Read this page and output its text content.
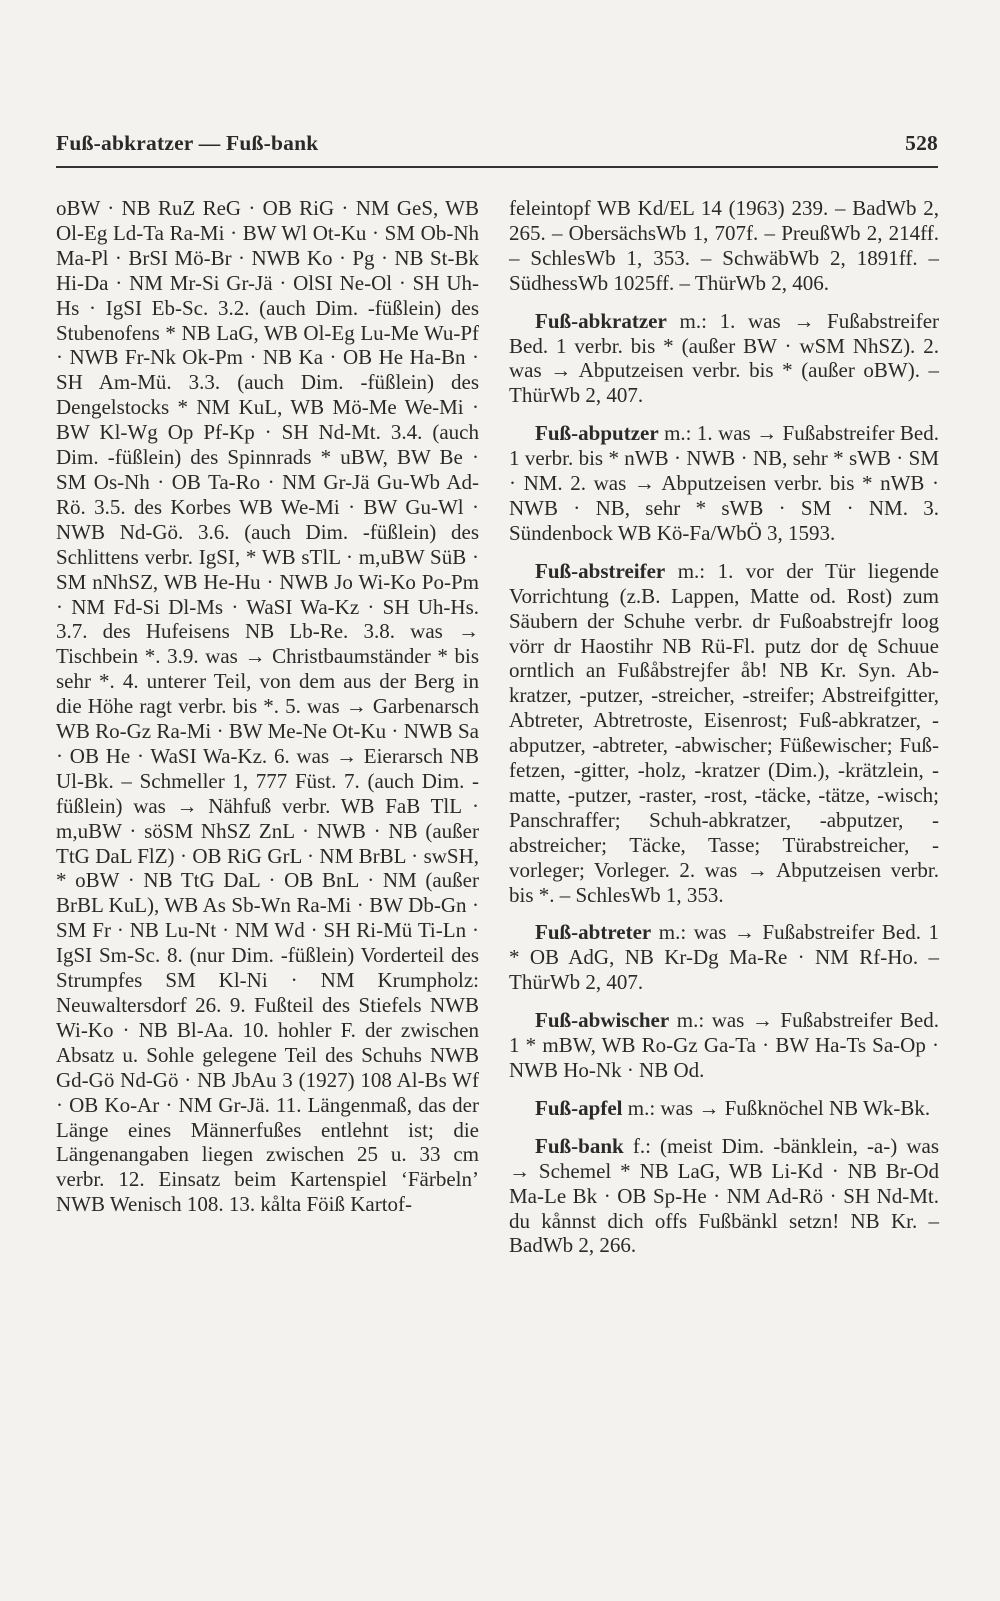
Fuß-abkratzer — Fuß-bank	528

oBW · NB RuZ ReG · OB RiG · NM GeS, WB Ol-Eg Ld-Ta Ra-Mi · BW Wl Ot-Ku · SM Ob-Nh Ma-Pl · BrSI Mö-Br · NWB Ko · Pg · NB St-Bk Hi-Da · NM Mr-Si Gr-Jä · OlSI Ne-Ol · SH Uh-Hs · IgSI Eb-Sc. 3.2. (auch Dim. -füßlein) des Stubenofens * NB LaG, WB Ol-Eg Lu-Me Wu-Pf · NWB Fr-Nk Ok-Pm · NB Ka · OB He Ha-Bn · SH Am-Mü. 3.3. (auch Dim. -füßlein) des Dengelstocks * NM KuL, WB Mö-Me We-Mi · BW Kl-Wg Op Pf-Kp · SH Nd-Mt. 3.4. (auch Dim. -füßlein) des Spinnrads * uBW, BW Be · SM Os-Nh · OB Ta-Ro · NM Gr-Jä Gu-Wb Ad-Rö. 3.5. des Korbes WB We-Mi · BW Gu-Wl · NWB Nd-Gö. 3.6. (auch Dim. -füßlein) des Schlittens verbr. IgSI, * WB sTlL · m,uBW SüB · SM nNhSZ, WB He-Hu · NWB Jo Wi-Ko Po-Pm · NM Fd-Si Dl-Ms · WaSI Wa-Kz · SH Uh-Hs. 3.7. des Hufeisens NB Lb-Re. 3.8. was → Tischbein *. 3.9. was → Christbaumständer * bis sehr *. 4. unterer Teil, von dem aus der Berg in die Höhe ragt verbr. bis *. 5. was → Garbenarsch WB Ro-Gz Ra-Mi · BW Me-Ne Ot-Ku · NWB Sa · OB He · WaSI Wa-Kz. 6. was → Eierarsch NB Ul-Bk. – Schmeller 1, 777 Füst. 7. (auch Dim. -füßlein) was → Nähfuß verbr. WB FaB TlL · m,uBW · söSM NhSZ ZnL · NWB · NB (außer TtG DaL FlZ) · OB RiG GrL · NM BrBL · swSH, * oBW · NB TtG DaL · OB BnL · NM (außer BrBL KuL), WB As Sb-Wn Ra-Mi · BW Db-Gn · SM Fr · NB Lu-Nt · NM Wd · SH Ri-Mü Ti-Ln · IgSI Sm-Sc. 8. (nur Dim. -füßlein) Vorderteil des Strumpfes SM Kl-Ni · NM Krumpholz: Neuwaltersdorf 26. 9. Fußteil des Stiefels NWB Wi-Ko · NB Bl-Aa. 10. hohler F. der zwischen Absatz u. Sohle gelegene Teil des Schuhs NWB Gd-Gö Nd-Gö · NB JbAu 3 (1927) 108 Al-Bs Wf · OB Ko-Ar · NM Gr-Jä. 11. Längenmaß, das der Länge eines Männerfußes entlehnt ist; die Längenangaben liegen zwischen 25 u. 33 cm verbr. 12. Einsatz beim Kartenspiel ‘Färbeln’ NWB Wenisch 108. 13. kålta Föiß Kartof-

feleintopf WB Kd/EL 14 (1963) 239. – BadWb 2, 265. – ObersächsWb 1, 707f. – PreußWb 2, 214ff. – SchlesWb 1, 353. – SchwäbWb 2, 1891ff. – SüdhessWb 1025ff. – ThürWb 2, 406.

Fuß-abkratzer m.: 1. was → Fußabstreifer Bed. 1 verbr. bis * (außer BW · wSM NhSZ). 2. was → Abputzeisen verbr. bis * (außer oBW). – ThürWb 2, 407.

Fuß-abputzer m.: 1. was → Fußabstreifer Bed. 1 verbr. bis * nWB · NWB · NB, sehr * sWB · SM · NM. 2. was → Abputzeisen verbr. bis * nWB · NWB · NB, sehr * sWB · SM · NM. 3. Sündenbock WB Kö-Fa/WbÖ 3, 1593.

Fuß-abstreifer m.: 1. vor der Tür liegende Vorrichtung (z.B. Lappen, Matte od. Rost) zum Säubern der Schuhe verbr. dr Fußoabstrejfr loog vörr dr Haostihr NB Rü-Fl. putz dor dę Schuue orntlich an Fußåbstrejfer åb! NB Kr. Syn. Ab-kratzer, -putzer, -streicher, -streifer; Abstreifgitter, Abtreter, Abtretroste, Eisenrost; Fuß-abkratzer, -abputzer, -abtreter, -abwischer; Füßewischer; Fuß-fetzen, -gitter, -holz, -kratzer (Dim.), -krätzlein, -matte, -putzer, -raster, -rost, -täcke, -tätze, -wisch; Panschraffer; Schuh-abkratzer, -abputzer, -abstreicher; Täcke, Tasse; Türabstreicher, -vorleger; Vorleger. 2. was → Abputzeisen verbr. bis *. – SchlesWb 1, 353.

Fuß-abtreter m.: was → Fußabstreifer Bed. 1 * OB AdG, NB Kr-Dg Ma-Re · NM Rf-Ho. – ThürWb 2, 407.

Fuß-abwischer m.: was → Fußabstreifer Bed. 1 * mBW, WB Ro-Gz Ga-Ta · BW Ha-Ts Sa-Op · NWB Ho-Nk · NB Od.

Fuß-apfel m.: was → Fußknöchel NB Wk-Bk.

Fuß-bank f.: (meist Dim. -bänklein, -a-) was → Schemel * NB LaG, WB Li-Kd · NB Br-Od Ma-Le Bk · OB Sp-He · NM Ad-Rö · SH Nd-Mt. du kånnst dich offs Fußbänkl setzn! NB Kr. – BadWb 2, 266.
